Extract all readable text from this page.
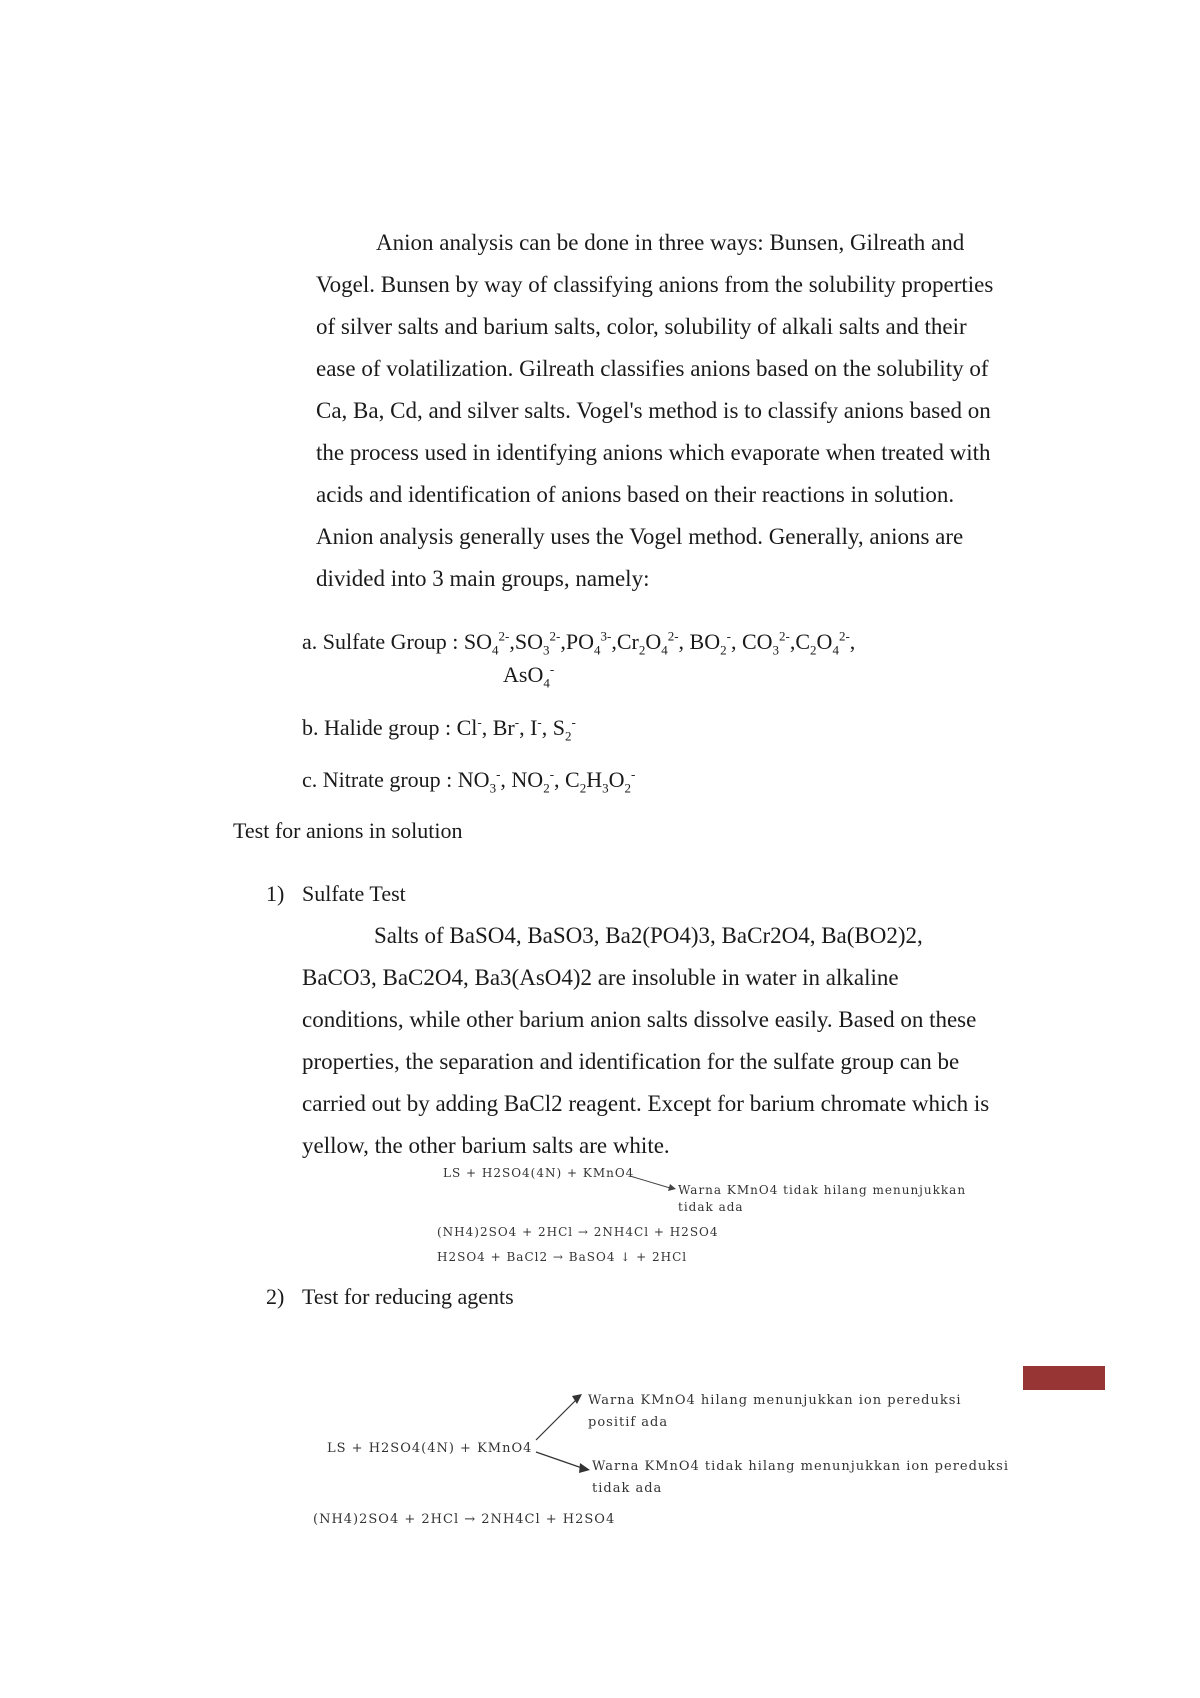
Anion analysis can be done in three ways: Bunsen, Gilreath and
Vogel. Bunsen by way of classifying anions from the solubility properties
of silver salts and barium salts, color, solubility of alkali salts and their
ease of volatilization. Gilreath classifies anions based on the solubility of
Ca, Ba, Cd, and silver salts. Vogel's method is to classify anions based on
the process used in identifying anions which evaporate when treated with
acids and identification of anions based on their reactions in solution.
Anion analysis generally uses the Vogel method. Generally, anions are
divided into 3 main groups, namely:
a. Sulfate Group : $SO_4^{2-},SO_3^{2-},PO_4^{3-},Cr_2O_4^{2-}$, $BO_2^-$, $CO_3^{2-},C_2O_4^{2-}$,
AsO$_4$-
b. Halide group : Cl-, Br-, I-, $S_2^-$
c. Nitrate group : $NO_3^-$, $NO_2^-$, $C_2H_3O_2^-$
Test for anions in solution
1) Sulfate Test
Salts of BaSO4, BaSO3, Ba2(PO4)3, BaCr2O4, Ba(BO2)2,
BaCO3, BaC2O4, Ba3(AsO4)2 are insoluble in water in alkaline
conditions, while other barium anion salts dissolve easily. Based on these
properties, the separation and identification for the sulfate group can be
carried out by adding BaCl2 reagent. Except for barium chromate which is
yellow, the other barium salts are white.
LS + H2SO4(4N) + KMnO4
Warna KMnO4 tidak hilang menunjukkan
tidak ada
(NH4)2SO4 + 2HCl → 2NH4Cl + H2SO4
H2SO4 + BaCl2 → BaSO4 ↓ + 2HCl
2) Test for reducing agents
LS + H2SO4(4N) + KMnO4
Warna KMnO4 hilang menunjukkan ion pereduksi
positif ada
Warna KMnO4 tidak hilang menunjukkan ion pereduksi
tidak ada
(NH4)2SO4 + 2HCl → 2NH4Cl + H2SO4
